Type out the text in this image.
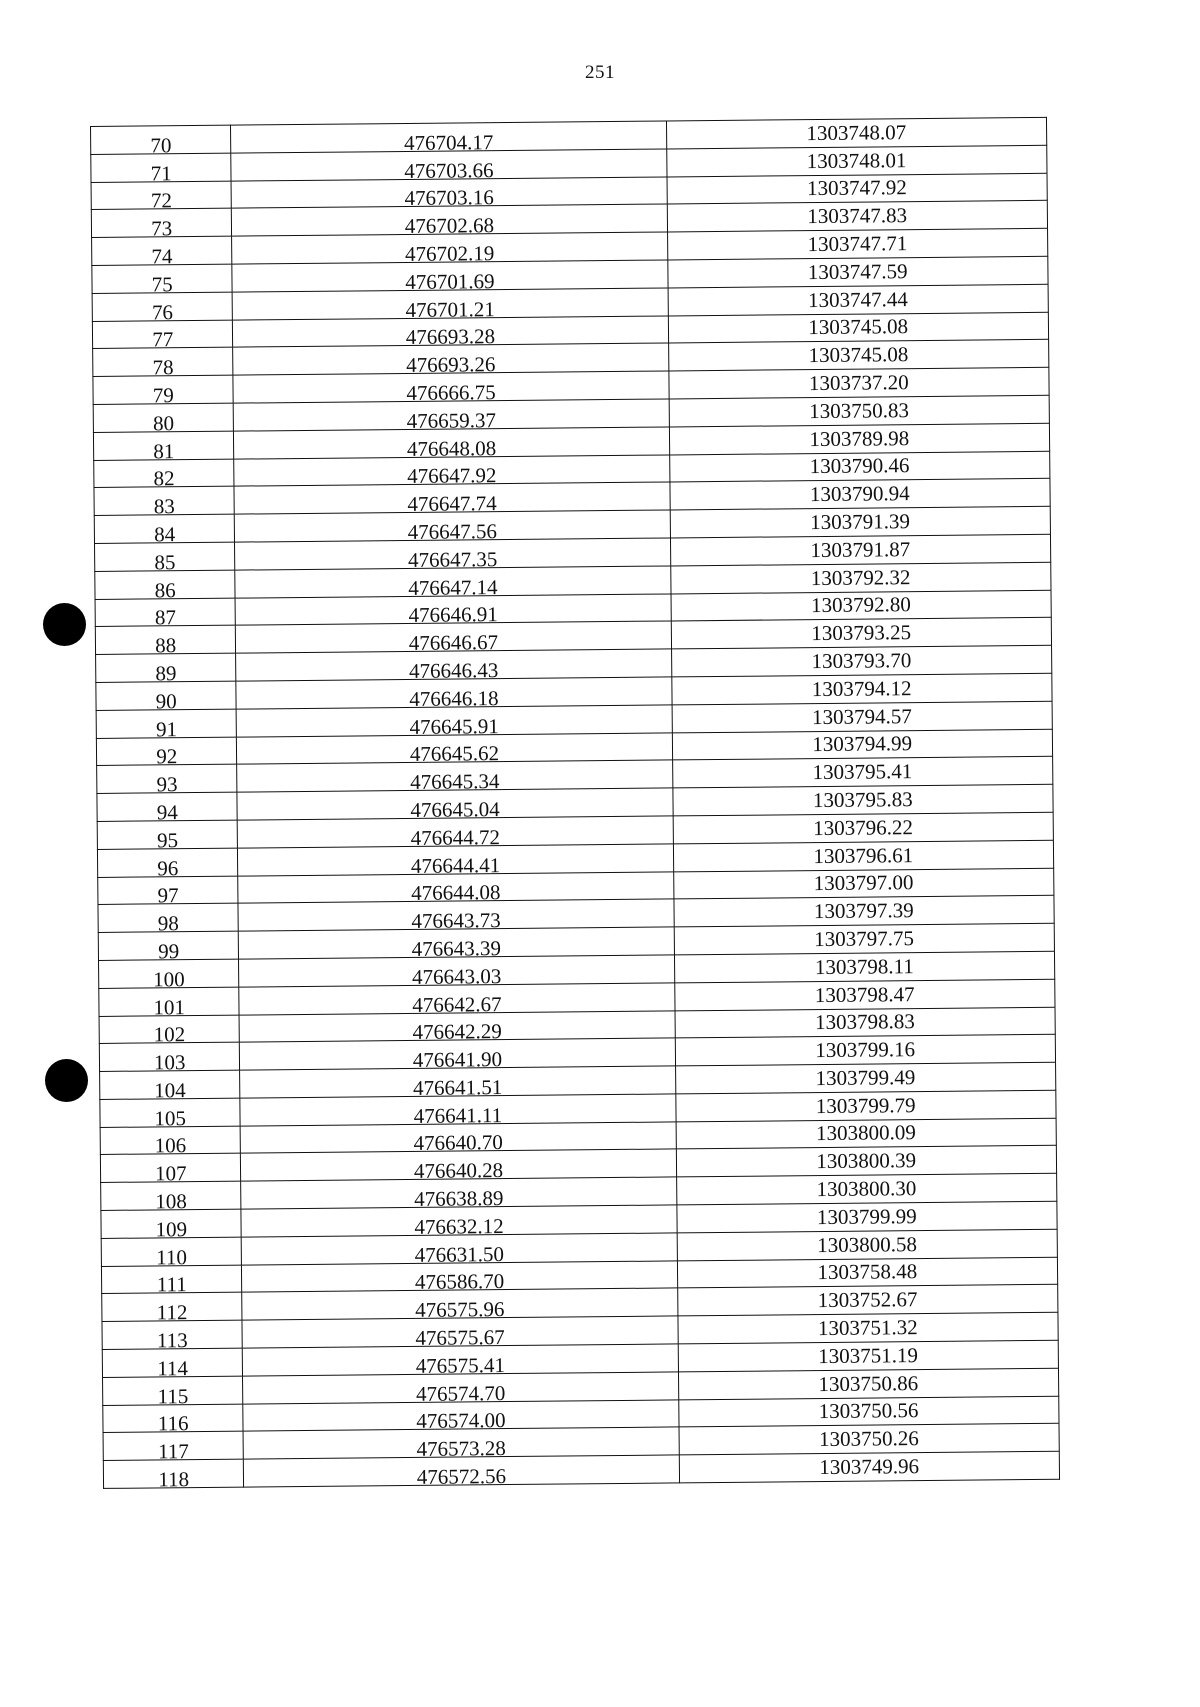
251
70	476704.17	1303748.07
71	476703.66	1303748.01
72	476703.16	1303747.92
73	476702.68	1303747.83
74	476702.19	1303747.71
75	476701.69	1303747.59
76	476701.21	1303747.44
77	476693.28	1303745.08
78	476693.26	1303745.08
79	476666.75	1303737.20
80	476659.37	1303750.83
81	476648.08	1303789.98
82	476647.92	1303790.46
83	476647.74	1303790.94
84	476647.56	1303791.39
85	476647.35	1303791.87
86	476647.14	1303792.32
87	476646.91	1303792.80
88	476646.67	1303793.25
89	476646.43	1303793.70
90	476646.18	1303794.12
91	476645.91	1303794.57
92	476645.62	1303794.99
93	476645.34	1303795.41
94	476645.04	1303795.83
95	476644.72	1303796.22
96	476644.41	1303796.61
97	476644.08	1303797.00
98	476643.73	1303797.39
99	476643.39	1303797.75
100	476643.03	1303798.11
101	476642.67	1303798.47
102	476642.29	1303798.83
103	476641.90	1303799.16
104	476641.51	1303799.49
105	476641.11	1303799.79
106	476640.70	1303800.09
107	476640.28	1303800.39
108	476638.89	1303800.30
109	476632.12	1303799.99
110	476631.50	1303800.58
111	476586.70	1303758.48
112	476575.96	1303752.67
113	476575.67	1303751.32
114	476575.41	1303751.19
115	476574.70	1303750.86
116	476574.00	1303750.56
117	476573.28	1303750.26
118	476572.56	1303749.96
